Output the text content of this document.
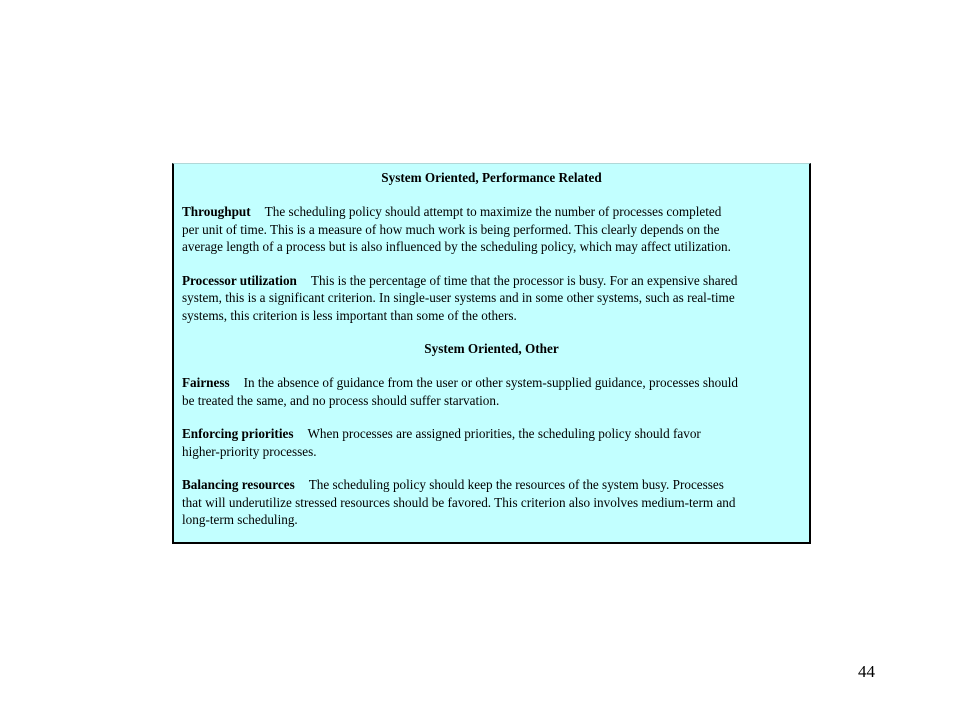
System Oriented, Performance Related

Throughput The scheduling policy should attempt to maximize the number of processes completed

per unit of time. This is a measure of how much work is being performed. This clearly depends on the

average length of a process but is also influenced by the scheduling policy, which may affect utilization.

Processor utilization This is the percentage of time that the processor is busy. For an expensive shared

system, this is a significant criterion. In single-user systems and in some other systems, such as real-time

systems, this criterion is less important than some of the others.

System Oriented, Other

Fairness In the absence of guidance from the user or other system-supplied guidance, processes should

be treated the same, and no process should suffer starvation.

Enforcing priorities When processes are assigned priorities, the scheduling policy should favor

higher-priority processes.

Balancing resources The scheduling policy should keep the resources of the system busy. Processes

that will underutilize stressed resources should be favored. This criterion also involves medium-term and

long-term scheduling.

44
